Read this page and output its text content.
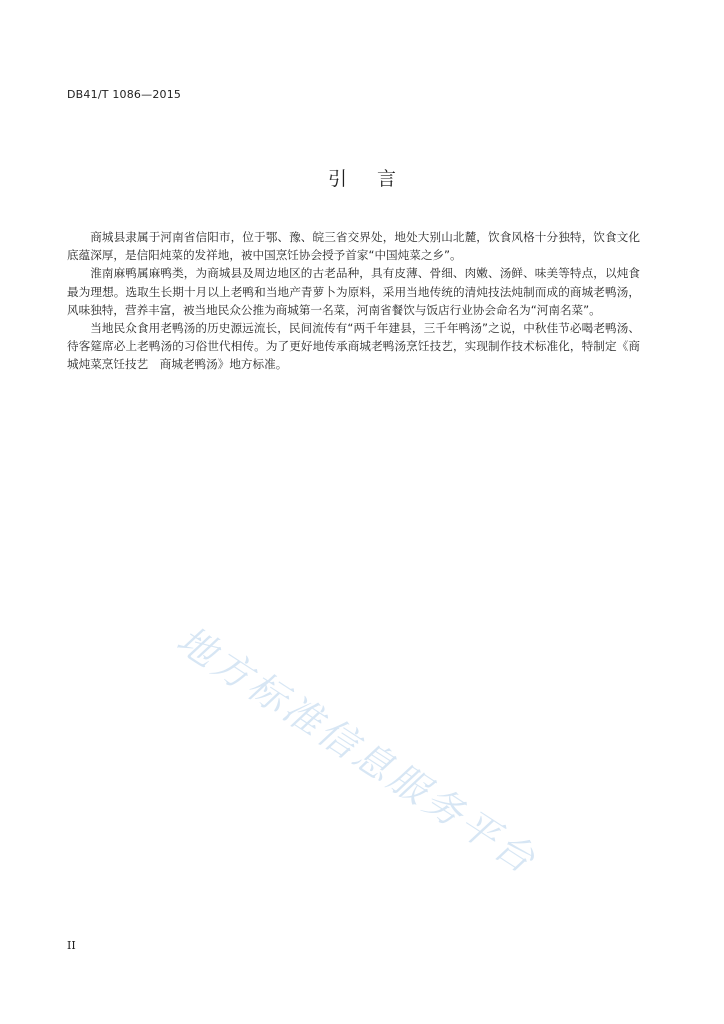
DB41/T 1086—2015
引言

商城县隶属于河南省信阳市，位于鄂、豫、皖三省交界处，地处大别山北麓，饮食风格十分独特，饮食文化底蕴深厚，是信阳炖菜的发祥地，被中国烹饪协会授予首家“中国炖菜之乡”。

淮南麻鸭属麻鸭类，为商城县及周边地区的古老品种，具有皮薄、骨细、肉嫩、汤鲜、味美等特点，以炖食最为理想。选取生长期十月以上老鸭和当地产青萝卜为原料，采用当地传统的清炖技法炖制而成的商城老鸭汤，风味独特，营养丰富，被当地民众公推为商城第一名菜，河南省餐饮与饭店行业协会命名为“河南名菜”。

当地民众食用老鸭汤的历史源远流长，民间流传有“两千年建县，三千年鸭汤”之说，中秋佳节必喝老鸭汤、待客筵席必上老鸭汤的习俗世代相传。为了更好地传承商城老鸭汤烹饪技艺，实现制作技术标准化，特制定《商城炖菜烹饪技艺　商城老鸭汤》地方标准。

地方标准信息服务平台
II
